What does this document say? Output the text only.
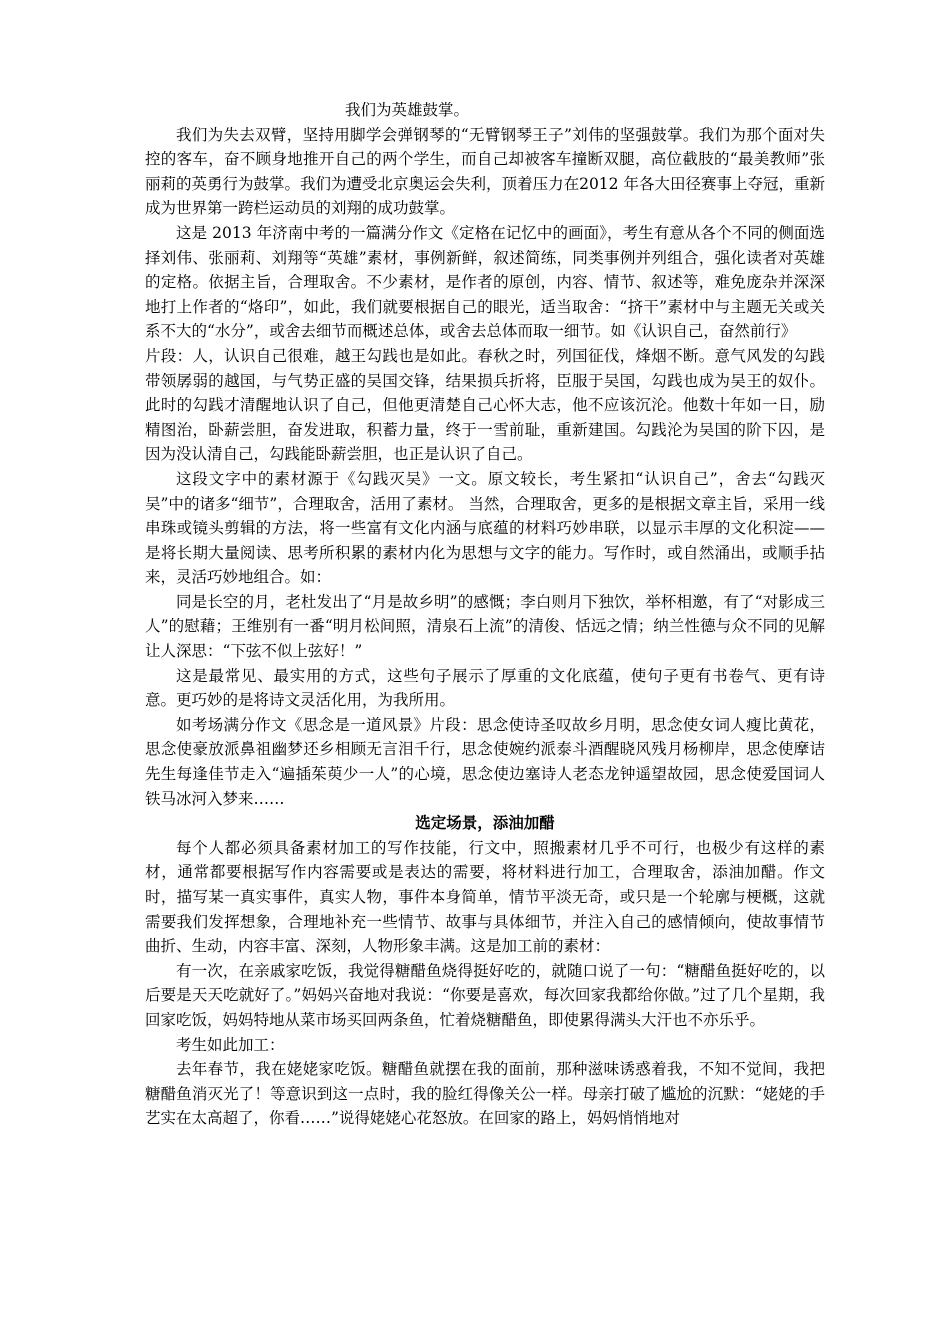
我们为英雄鼓掌。

我们为失去双臂，坚持用脚学会弹钢琴的“无臂钢琴王子”刘伟的坚强鼓掌。我们为那个面对失控的客车，奋不顾身地推开自己的两个学生，而自己却被客车撞断双腿，高位截肢的“最美教师”张丽莉的英勇行为鼓掌。我们为遭受北京奥运会失利，顶着压力在2012 年各大田径赛事上夺冠，重新成为世界第一跨栏运动员的刘翔的成功鼓掌。

这是 2013 年济南中考的一篇满分作文《定格在记忆中的画面》，考生有意从各个不同的侧面选择刘伟、张丽莉、刘翔等“英雄”素材，事例新鲜，叙述简练，同类事例并列组合，强化读者对英雄的定格。依据主旨，合理取舍。不少素材，是作者的原创，内容、情节、叙述等，难免庞杂并深深地打上作者的“烙印”，如此，我们就要根据自己的眼光，适当取舍：“挤干”素材中与主题无关或关系不大的“水分”，或舍去细节而概述总体，或舍去总体而取一细节。如《认识自己，奋然前行》

片段：人，认识自己很难，越王勾践也是如此。春秋之时，列国征伐，烽烟不断。意气风发的勾践带领孱弱的越国，与气势正盛的吴国交锋，结果损兵折将，臣服于吴国，勾践也成为吴王的奴仆。此时的勾践才清醒地认识了自己，但他更清楚自己心怀大志，他不应该沉沦。他数十年如一日，励精图治，卧薪尝胆，奋发进取，积蓄力量，终于一雪前耻，重新建国。勾践沦为吴国的阶下囚，是因为没认清自己，勾践能卧薪尝胆，也正是认识了自己。

这段文字中的素材源于《勾践灭吴》一文。原文较长，考生紧扣“认识自己”，舍去“勾践灭吴”中的诸多“细节”，合理取舍，活用了素材。 当然，合理取舍，更多的是根据文章主旨，采用一线串珠或镜头剪辑的方法，将一些富有文化内涵与底蕴的材料巧妙串联，以显示丰厚的文化积淀——是将长期大量阅读、思考所积累的素材内化为思想与文字的能力。写作时，或自然涌出，或顺手拈来，灵活巧妙地组合。如：

同是长空的月，老杜发出了“月是故乡明”的感慨；李白则月下独饮，举杯相邀，有了“对影成三人”的慰藉；王维别有一番“明月松间照，清泉石上流”的清俊、恬远之情；纳兰性德与众不同的见解让人深思：“下弦不似上弦好！”

这是最常见、最实用的方式，这些句子展示了厚重的文化底蕴，使句子更有书卷气、更有诗意。更巧妙的是将诗文灵活化用，为我所用。

如考场满分作文《思念是一道风景》片段：思念使诗圣叹故乡月明，思念使女词人瘦比黄花，思念使豪放派鼻祖幽梦还乡相顾无言泪千行，思念使婉约派泰斗酒醒晓风残月杨柳岸，思念使摩诘先生每逢佳节走入“遍插茱萸少一人”的心境，思念使边塞诗人老态龙钟遥望故园，思念使爱国词人铁马冰河入梦来……

选定场景，添油加醋

每个人都必须具备素材加工的写作技能，行文中，照搬素材几乎不可行，也极少有这样的素材，通常都要根据写作内容需要或是表达的需要，将材料进行加工，合理取舍，添油加醋。作文时，描写某一真实事件，真实人物，事件本身简单，情节平淡无奇，或只是一个轮廓与梗概，这就需要我们发挥想象，合理地补充一些情节、故事与具体细节，并注入自己的感情倾向，使故事情节曲折、生动，内容丰富、深刻，人物形象丰满。这是加工前的素材：

有一次，在亲戚家吃饭，我觉得糖醋鱼烧得挺好吃的，就随口说了一句：“糖醋鱼挺好吃的，以后要是天天吃就好了。”妈妈兴奋地对我说：“你要是喜欢，每次回家我都给你做。”过了几个星期，我回家吃饭，妈妈特地从菜市场买回两条鱼，忙着烧糖醋鱼，即使累得满头大汗也不亦乐乎。

考生如此加工：

去年春节，我在姥姥家吃饭。糖醋鱼就摆在我的面前，那种滋味诱惑着我，不知不觉间，我把糖醋鱼消灭光了！等意识到这一点时，我的脸红得像关公一样。母亲打破了尴尬的沉默：“姥姥的手艺实在太高超了，你看……”说得姥姥心花怒放。在回家的路上，妈妈悄悄地对
